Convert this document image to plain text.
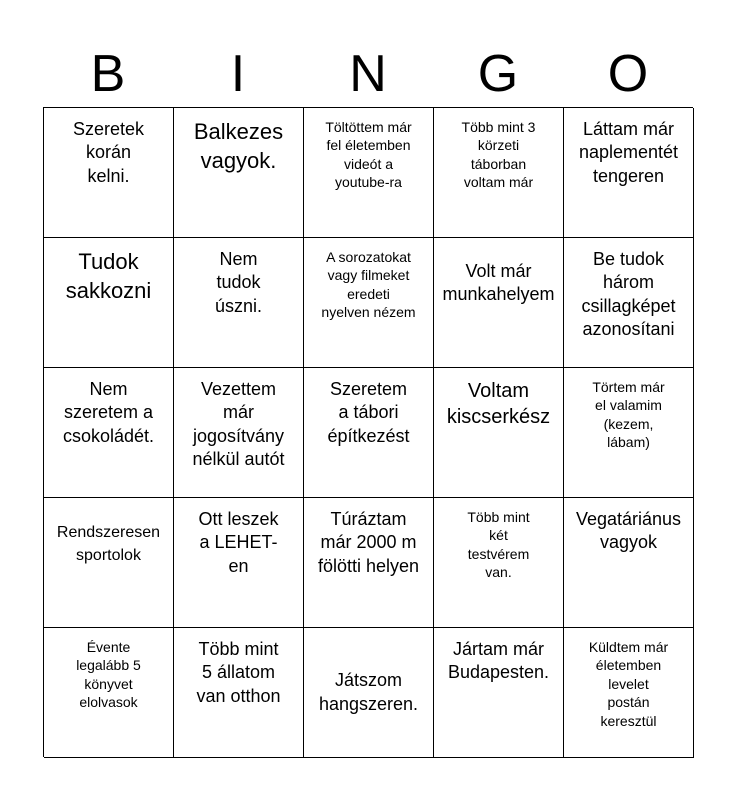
B	I	N	G	O
Szeretek
korán
kelni.
Balkezes
vagyok.
Töltöttem már
fel életemben
videót a
youtube-ra
Több mint 3
körzeti
táborban
voltam már
Láttam már
naplementét
tengeren
Tudok
sakkozni
Nem
tudok
úszni.
A sorozatokat
vagy filmeket
eredeti
nyelven nézem
Volt már
munkahelyem
Be tudok
három
csillagképet
azonosítani
Nem
szeretem a
csokoládét.
Vezettem
már
jogosítvány
nélkül autót
Szeretem
a tábori
építkezést
Voltam
kiscserkész
Törtem már
el valamim
(kezem,
lábam)
Rendszeresen
sportolok
Ott leszek
a LEHET-
en
Túráztam
már 2000 m
fölötti helyen
Több mint
két
testvérem
van.
Vegatáriánus
vagyok
Évente
legalább 5
könyvet
elolvasok
Több mint
5 állatom
van otthon
Játszom
hangszeren.
Jártam már
Budapesten.
Küldtem már
életemben
levelet
postán
keresztül
